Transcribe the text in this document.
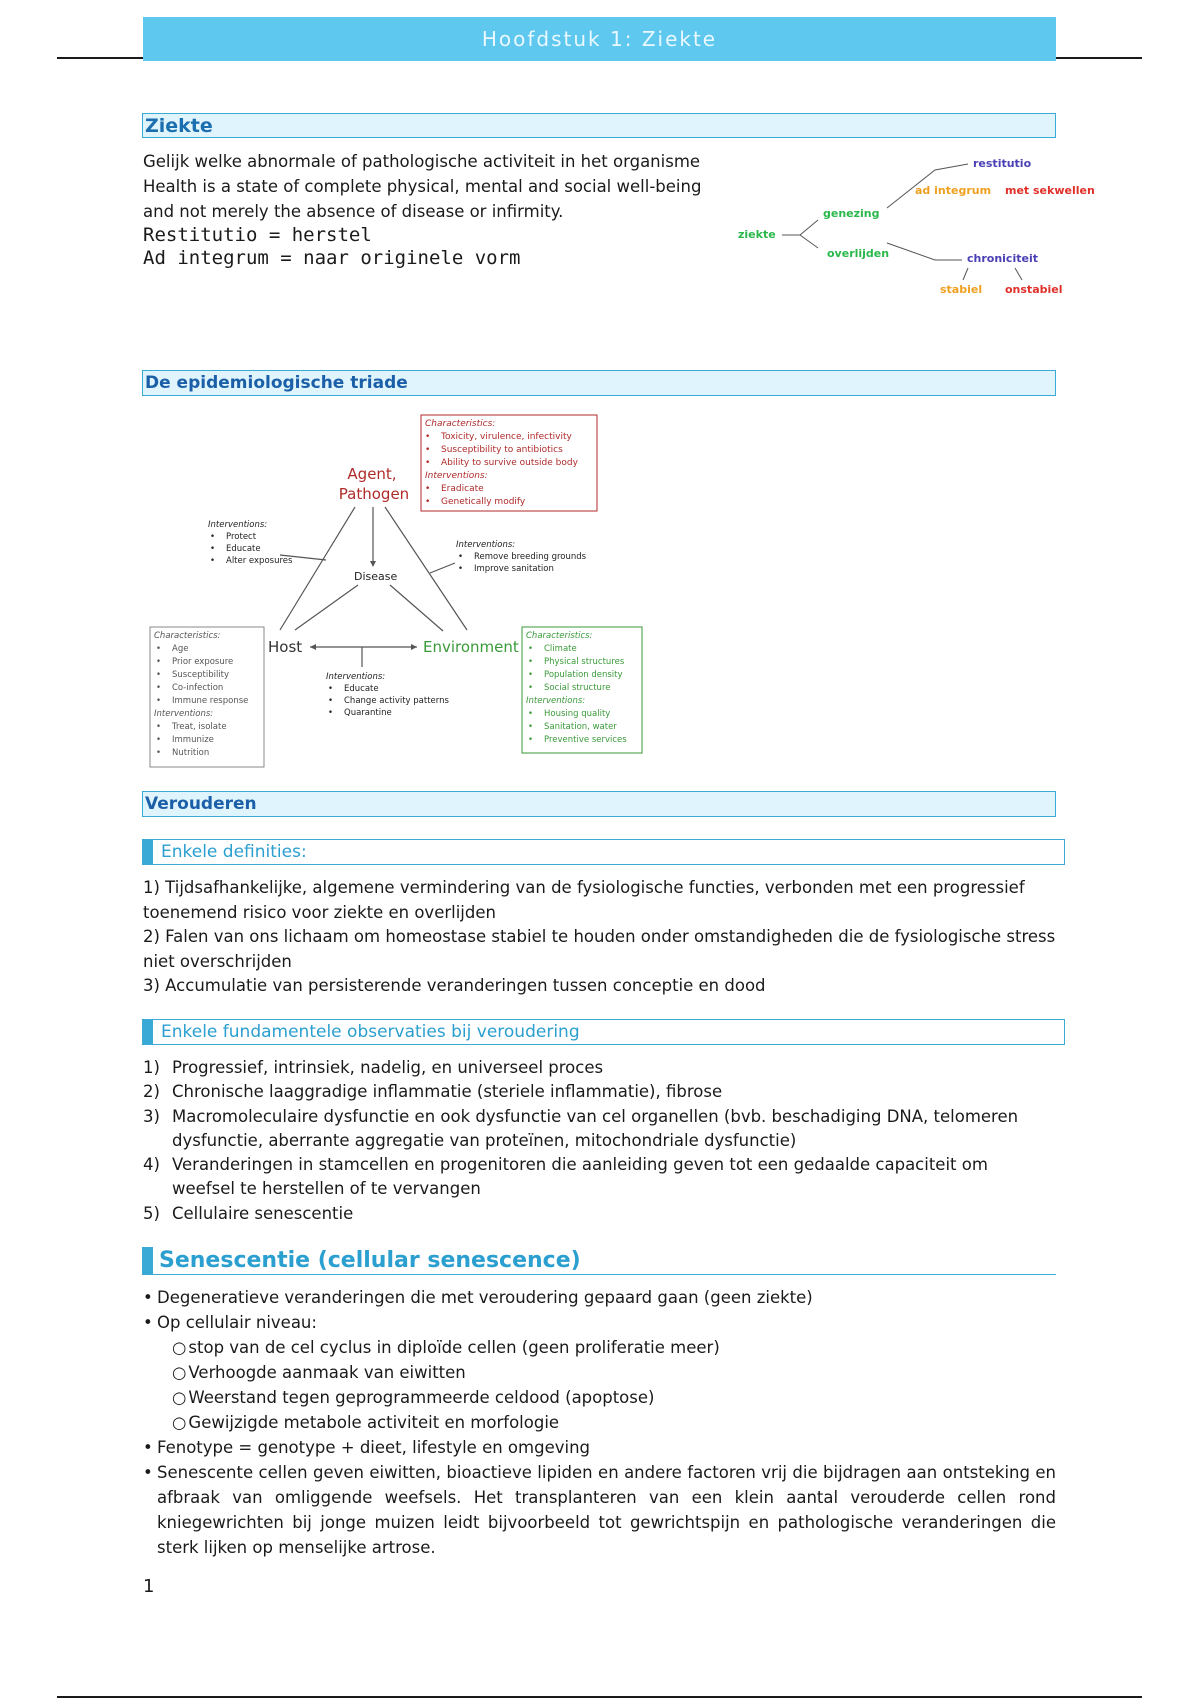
Hoofdstuk 1: Ziekte
Ziekte
Gelijk welke abnormale of pathologische activiteit in het organisme
Health is a state of complete physical, mental and social well-being
and not merely the absence of disease or infirmity.
Restitutio = herstel
Ad integrum = naar originele vorm
ziekte
genezing
overlijden
restitutio
ad integrum met sekwellen
chroniciteit
stabiel onstabiel
De epidemiologische triade
Characteristics:
• Toxicity, virulence, infectivity
• Susceptibility to antibiotics
• Ability to survive outside body
Interventions:
• Eradicate
• Genetically modify
Agent,
Pathogen
Disease
Host	Environment
Interventions:
• Protect
• Educate
• Alter exposures
Interventions:
• Remove breeding grounds
• Improve sanitation
Interventions:
• Educate
• Change activity patterns
• Quarantine
Characteristics:
• Age
• Prior exposure
• Susceptibility
• Co-infection
• Immune response
Interventions:
• Treat, isolate
• Immunize
• Nutrition
Characteristics:
• Climate
• Physical structures
• Population density
• Social structure
Interventions:
• Housing quality
• Sanitation, water
• Preventive services
Verouderen
Enkele definities:
1) Tijdsafhankelijke, algemene vermindering van de fysiologische functies, verbonden met een progressief
toenemend risico voor ziekte en overlijden
2) Falen van ons lichaam om homeostase stabiel te houden onder omstandigheden die de fysiologische stress
niet overschrijden
3) Accumulatie van persisterende veranderingen tussen conceptie en dood
Enkele fundamentele observaties bij veroudering
1) Progressief, intrinsiek, nadelig, en universeel proces
2) Chronische laaggradige inflammatie (steriele inflammatie), fibrose
3) Macromoleculaire dysfunctie en ook dysfunctie van cel organellen (bvb. beschadiging DNA, telomeren dysfunctie, aberrante aggregatie van proteïnen, mitochondriale dysfunctie)
4) Veranderingen in stamcellen en progenitoren die aanleiding geven tot een gedaalde capaciteit om weefsel te herstellen of te vervangen
5) Cellulaire senescentie
Senescentie (cellular senescence)
• Degeneratieve veranderingen die met veroudering gepaard gaan (geen ziekte)
• Op cellulair niveau:
○ stop van de cel cyclus in diploïde cellen (geen proliferatie meer)
○ Verhoogde aanmaak van eiwitten
○ Weerstand tegen geprogrammeerde celdood (apoptose)
○ Gewijzigde metabole activiteit en morfologie
• Fenotype = genotype + dieet, lifestyle en omgeving
• Senescente cellen geven eiwitten, bioactieve lipiden en andere factoren vrij die bijdragen aan ontsteking en afbraak van omliggende weefsels. Het transplanteren van een klein aantal verouderde cellen rond kniegewrichten bij jonge muizen leidt bijvoorbeeld tot gewrichtspijn en pathologische veranderingen die sterk lijken op menselijke artrose.
1
